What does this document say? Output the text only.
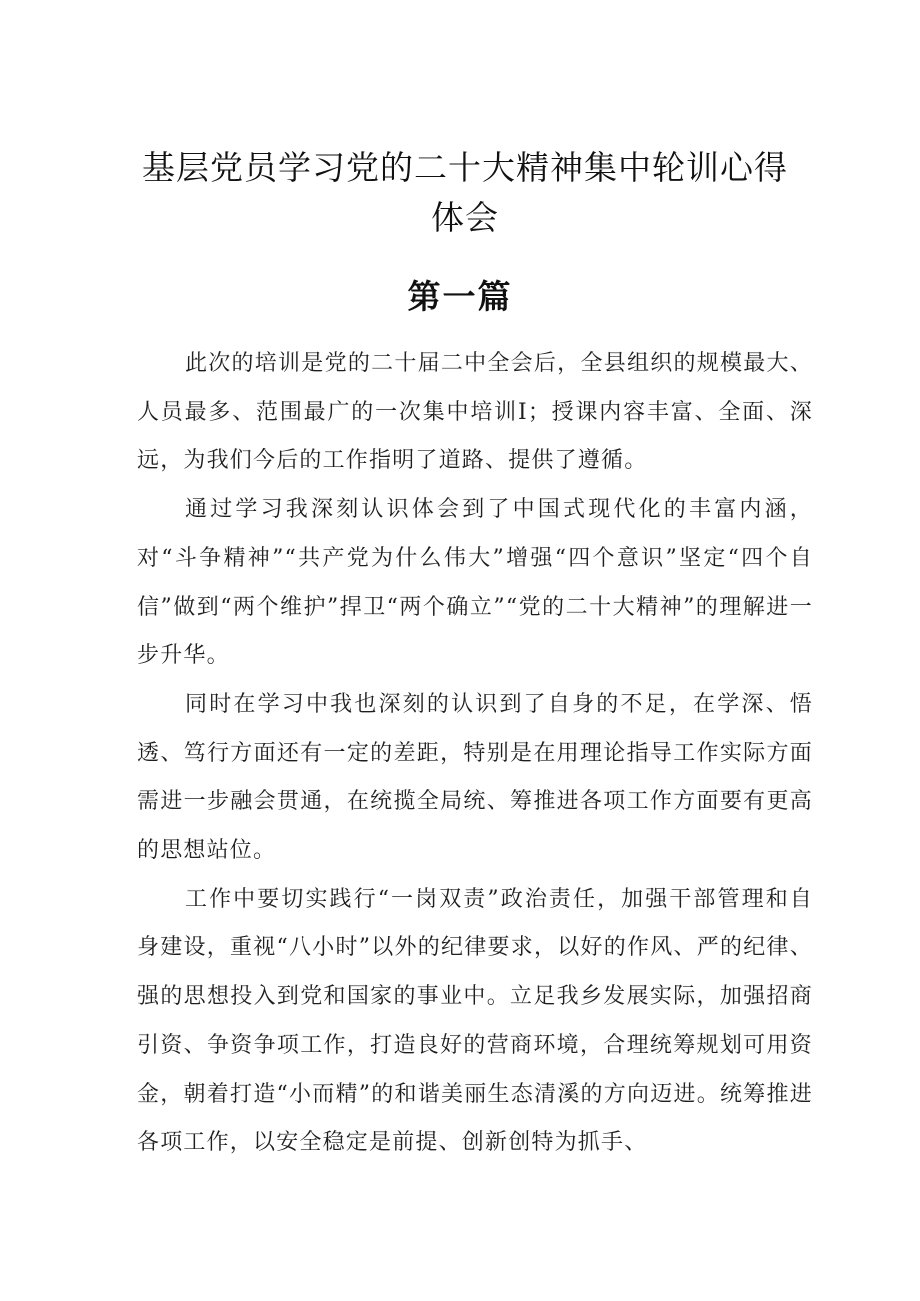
基层党员学习党的二十大精神集中轮训心得
体会
第一篇

此次的培训是党的二十届二中全会后，全县组织的规模最大、人员最多、范围最广的一次集中培训I；授课内容丰富、全面、深远，为我们今后的工作指明了道路、提供了遵循。

通过学习我深刻认识体会到了中国式现代化的丰富内涵，对“斗争精神”“共产党为什么伟大”增强“四个意识”坚定“四个自信”做到“两个维护”捍卫“两个确立”“党的二十大精神”的理解进一步升华。

同时在学习中我也深刻的认识到了自身的不足，在学深、悟透、笃行方面还有一定的差距，特别是在用理论指导工作实际方面需进一步融会贯通，在统揽全局统、筹推进各项工作方面要有更高的思想站位。

工作中要切实践行“一岗双责”政治责任，加强干部管理和自身建设，重视“八小时”以外的纪律要求，以好的作风、严的纪律、强的思想投入到党和国家的事业中。立足我乡发展实际，加强招商引资、争资争项工作，打造良好的营商环境，合理统筹规划可用资金，朝着打造“小而精”的和谐美丽生态清溪的方向迈进。统筹推进各项工作，以安全稳定是前提、创新创特为抓手、
